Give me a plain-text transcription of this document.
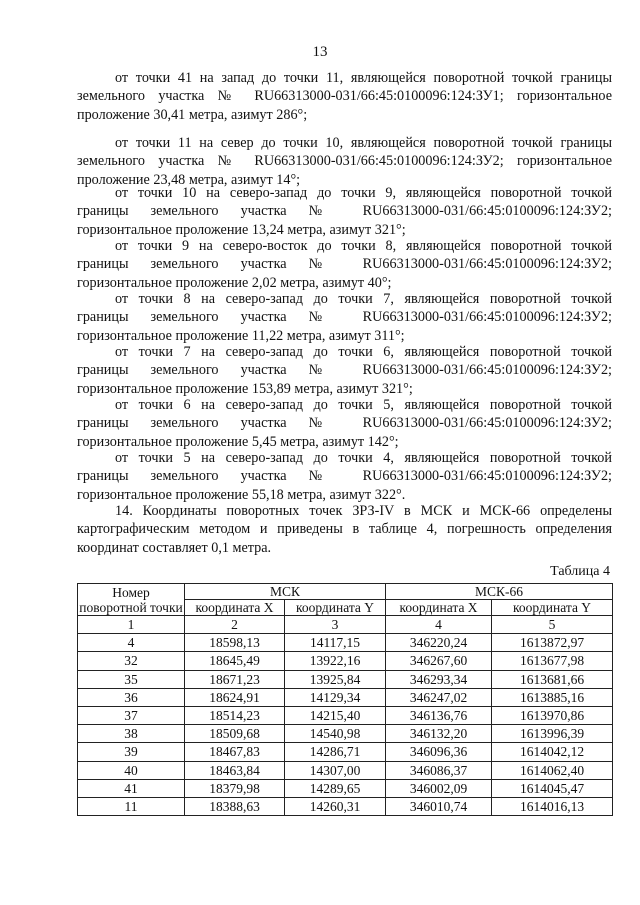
13
от точки 41 на запад до точки 11, являющейся поворотной точкой границы
земельного участка № RU66313000-031/66:45:0100096:124:ЗУ1; горизонтальное
проложение 30,41 метра, азимут 286°;
от точки 11 на север до точки 10, являющейся поворотной точкой границы
земельного участка № RU66313000-031/66:45:0100096:124:ЗУ2; горизонтальное
проложение 23,48 метра, азимут 14°;
от точки 10 на северо-запад до точки 9, являющейся поворотной точкой
границы земельного участка № RU66313000-031/66:45:0100096:124:ЗУ2;
горизонтальное проложение 13,24 метра, азимут 321°;
от точки 9 на северо-восток до точки 8, являющейся поворотной точкой
границы земельного участка № RU66313000-031/66:45:0100096:124:ЗУ2;
горизонтальное проложение 2,02 метра, азимут 40°;
от точки 8 на северо-запад до точки 7, являющейся поворотной точкой
границы земельного участка № RU66313000-031/66:45:0100096:124:ЗУ2;
горизонтальное проложение 11,22 метра, азимут 311°;
от точки 7 на северо-запад до точки 6, являющейся поворотной точкой
границы земельного участка № RU66313000-031/66:45:0100096:124:ЗУ2;
горизонтальное проложение 153,89 метра, азимут 321°;
от точки 6 на северо-запад до точки 5, являющейся поворотной точкой
границы земельного участка № RU66313000-031/66:45:0100096:124:ЗУ2;
горизонтальное проложение 5,45 метра, азимут 142°;
от точки 5 на северо-запад до точки 4, являющейся поворотной точкой
границы земельного участка № RU66313000-031/66:45:0100096:124:ЗУ2;
горизонтальное проложение 55,18 метра, азимут 322°.
14. Координаты поворотных точек ЗРЗ-IV в МСК и МСК-66 определены
картографическим методом и приведены в таблице 4, погрешность определения
координат составляет 0,1 метра.
Таблица 4
Номер поворотной точки	МСК		МСК-66	
	координата X	координата Y	координата X	координата Y
1	2	3	4	5
4	18598,13	14117,15	346220,24	1613872,97
32	18645,49	13922,16	346267,60	1613677,98
35	18671,23	13925,84	346293,34	1613681,66
36	18624,91	14129,34	346247,02	1613885,16
37	18514,23	14215,40	346136,76	1613970,86
38	18509,68	14540,98	346132,20	1613996,39
39	18467,83	14286,71	346096,36	1614042,12
40	18463,84	14307,00	346086,37	1614062,40
41	18379,98	14289,65	346002,09	1614045,47
11	18388,63	14260,31	346010,74	1614016,13
